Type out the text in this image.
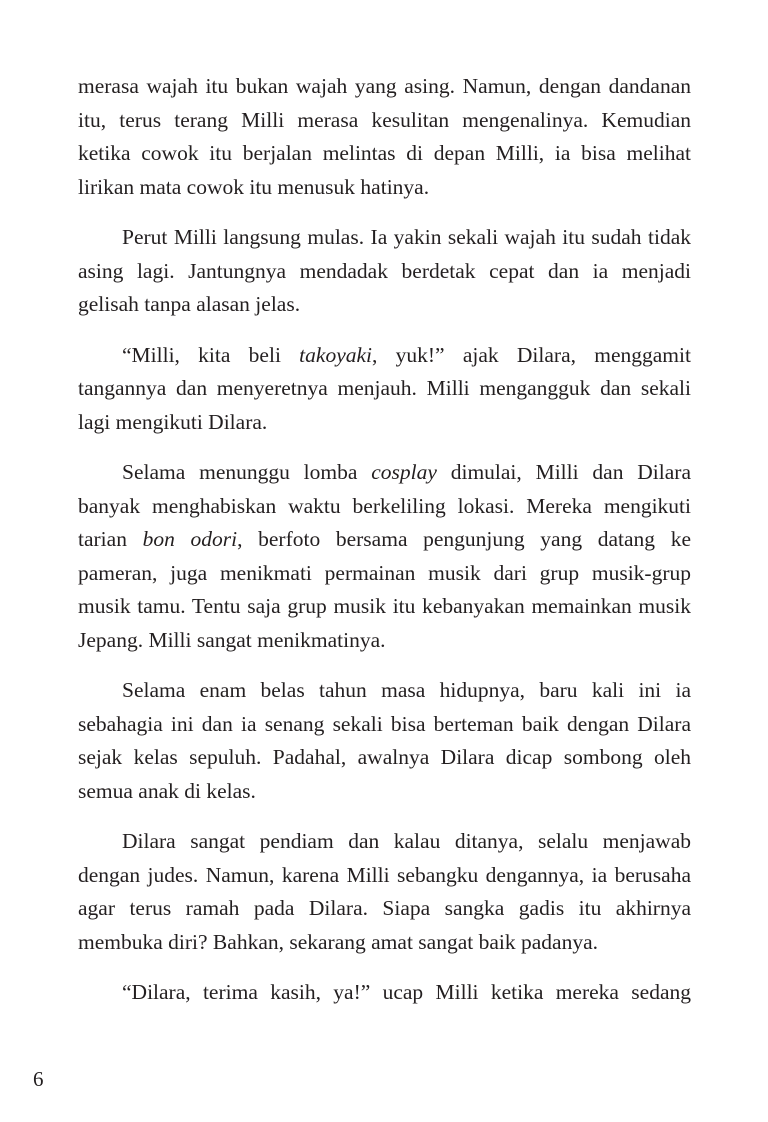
merasa wajah itu bukan wajah yang asing. Namun, dengan dandanan itu, terus terang Milli merasa kesulitan mengenalinya. Kemudian ketika cowok itu berjalan melintas di depan Milli, ia bisa melihat lirikan mata cowok itu menusuk hatinya.

Perut Milli langsung mulas. Ia yakin sekali wajah itu sudah tidak asing lagi. Jantungnya mendadak berdetak cepat dan ia menjadi gelisah tanpa alasan jelas.

“Milli, kita beli takoyaki, yuk!” ajak Dilara, menggamit tangannya dan menyeretnya menjauh. Milli mengangguk dan sekali lagi mengikuti Dilara.

Selama menunggu lomba cosplay dimulai, Milli dan Dilara banyak menghabiskan waktu berkeliling lokasi. Mereka mengikuti tarian bon odori, berfoto bersama pengunjung yang datang ke pameran, juga menikmati permainan musik dari grup musik-grup musik tamu. Tentu saja grup musik itu kebanyakan memainkan musik Jepang. Milli sangat menikmatinya.

Selama enam belas tahun masa hidupnya, baru kali ini ia sebahagia ini dan ia senang sekali bisa berteman baik dengan Dilara sejak kelas sepuluh. Padahal, awalnya Dilara dicap sombong oleh semua anak di kelas.

Dilara sangat pendiam dan kalau ditanya, selalu menjawab dengan judes. Namun, karena Milli sebangku dengannya, ia berusaha agar terus ramah pada Dilara. Siapa sangka gadis itu akhirnya membuka diri? Bahkan, sekarang amat sangat baik padanya.

“Dilara, terima kasih, ya!” ucap Milli ketika mereka sedang

6
